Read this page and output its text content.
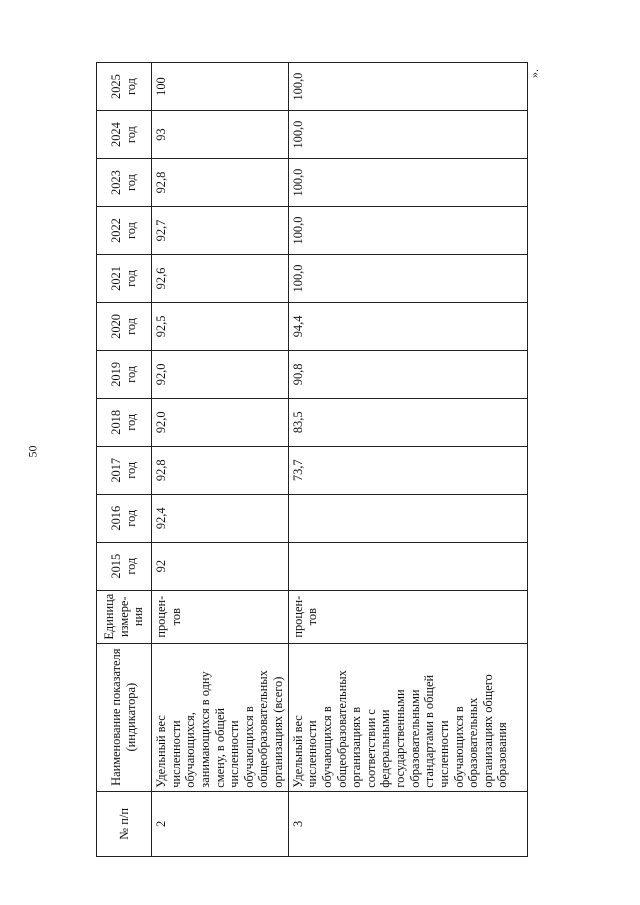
50
».
№ п/п	Наименование показателя (индикатора)	Единица измере-ния	2015 год	2016 год	2017 год	2018 год	2019 год	2020 год	2021 год	2022 год	2023 год	2024 год	2025 год
2	Удельный вес численности обучающихся, занимающихся в одну смену, в общей численности обучающихся в общеобразовательных организациях (всего)	процен-тов	92	92,4	92,8	92,0	92,0	92,5	92,6	92,7	92,8	93	100
3	Удельный вес численности обучающихся в общеобразовательных организациях в соответствии с федеральными государственными образовательными стандартами в общей численности обучающихся в образовательных организациях общего образования	процен-тов			73,7	83,5	90,8	94,4	100,0	100,0	100,0	100,0	100,0
